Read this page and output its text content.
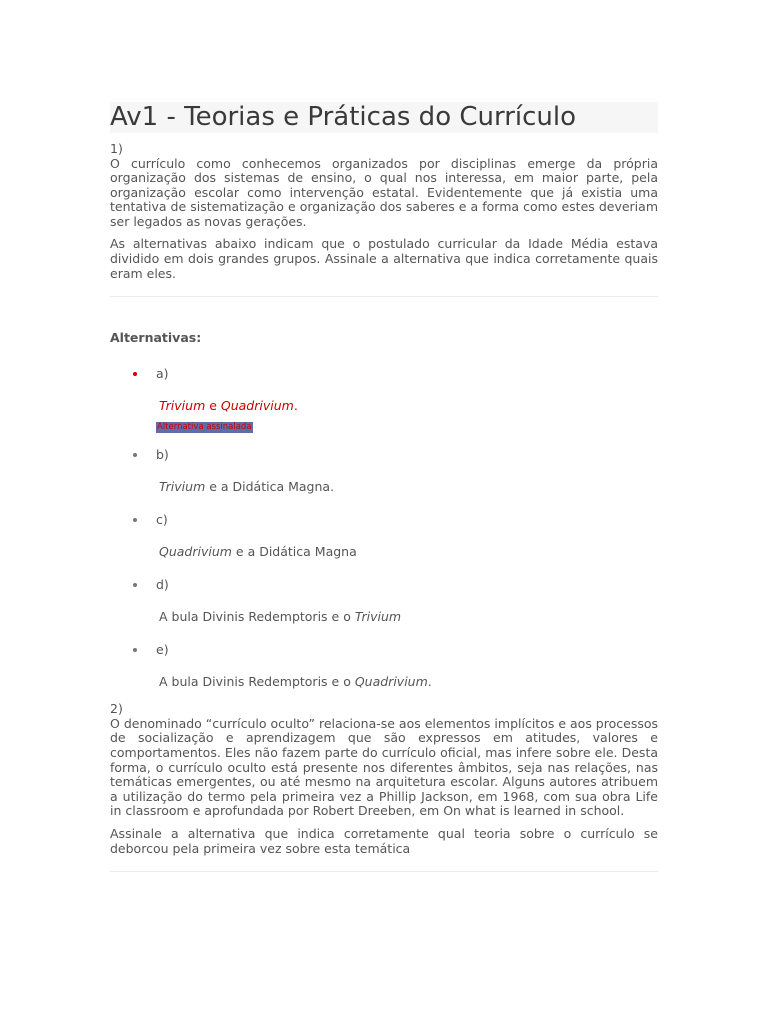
Av1 - Teorias e Práticas do Currículo

1)

O currículo como conhecemos organizados por disciplinas emerge da própria organização dos sistemas de ensino, o qual nos interessa, em maior parte, pela organização escolar como intervenção estatal. Evidentemente que já existia uma tentativa de sistematização e organização dos saberes e a forma como estes deveriam ser legados as novas gerações.

As alternativas abaixo indicam que o postulado curricular da Idade Média estava dividido em dois grandes grupos. Assinale a alternativa que indica corretamente quais eram eles.

Alternativas:

a)

Trivium e Quadrivium.

Alternativa assinalada
b)

Trivium e a Didática Magna.

c)

Quadrivium e a Didática Magna

d)

A bula Divinis Redemptoris e o Trivium

e)

A bula Divinis Redemptoris e o Quadrivium.

2)

O denominado “currículo oculto” relaciona-se aos elementos implícitos e aos processos de socialização e aprendizagem que são expressos em atitudes, valores e comportamentos. Eles não fazem parte do currículo oficial, mas infere sobre ele. Desta forma, o currículo oculto está presente nos diferentes âmbitos, seja nas relações, nas temáticas emergentes, ou até mesmo na arquitetura escolar. Alguns autores atribuem a utilização do termo pela primeira vez a Phillip Jackson, em 1968, com sua obra Life in classroom e aprofundada por Robert Dreeben, em On what is learned in school.

Assinale a alternativa que indica corretamente qual teoria sobre o currículo se deborcou pela primeira vez sobre esta temática
